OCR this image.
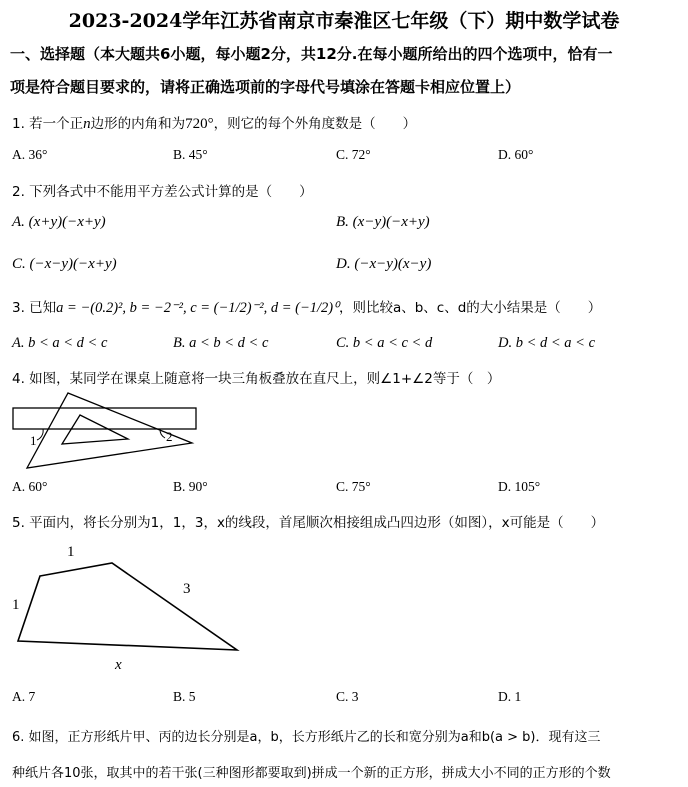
2023-2024学年江苏省南京市秦淮区七年级（下）期中数学试卷
一、选择题（本大题共6小题，每小题2分，共12分.在每小题所给出的四个选项中，恰有一
项是符合题目要求的，请将正确选项前的字母代号填涂在答题卡相应位置上）
1. 若一个正n边形的内角和为720°，则它的每个外角度数是（　　）
A. 36°	B. 45°	C. 72°	D. 60°
2. 下列各式中不能用平方差公式计算的是（　　）
A. (x+y)(−x+y)	B. (x−y)(−x+y)
C. (−x−y)(−x+y)	D. (−x−y)(x−y)
3. 已知a = −(0.2)², b = −2⁻², c = (−1/2)⁻², d = (−1/2)⁰，则比较a、b、c、d的大小结果是（　　）
A. b < a < d < c	B. a < b < d < c	C. b < a < c < d	D. b < d < a < c
4. 如图，某同学在课桌上随意将一块三角板叠放在直尺上，则∠1+∠2等于（　）
1	2
A. 60°	B. 90°	C. 75°	D. 105°
5. 平面内，将长分别为1，1，3，x的线段，首尾顺次相接组成凸四边形（如图），x可能是（　　）
1
1
3
x
A. 7	B. 5	C. 3	D. 1
6. 如图，正方形纸片甲、丙的边长分别是a，b，长方形纸片乙的长和宽分别为a和b(a > b)．现有这三
种纸片各10张，取其中的若干张(三种图形都要取到)拼成一个新的正方形，拼成大小不同的正方形的个数
